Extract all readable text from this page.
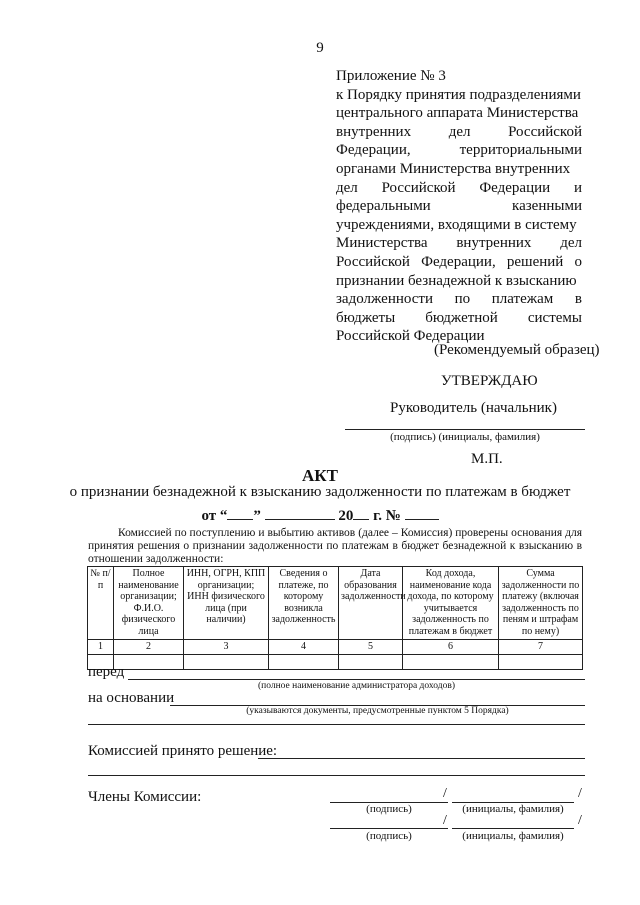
9
Приложение № 3
к Порядку принятия подразделениями
центрального аппарата Министерства
внутренних дел Российской
Федерации, территориальными
органами Министерства внутренних
дел Российской Федерации и
федеральными казенными
учреждениями, входящими в систему
Министерства внутренних дел
Российской Федерации, решений о
признании безнадежной к взысканию
задолженности по платежам в
бюджеты бюджетной системы
Российской Федерации
(Рекомендуемый образец)
УТВЕРЖДАЮ
Руководитель (начальник)
(подпись) (инициалы, фамилия)
М.П.
АКТ
о признании безнадежной к взысканию задолженности по платежам в бюджет
от “ ”	20 г. №
Комиссией по поступлению и выбытию активов (далее – Комиссия) проверены основания для принятия решения о признании задолженности по платежам в бюджет безнадежной к взысканию в отношении задолженности:
№ п/п	Полное наименование организации; Ф.И.О. физического лица	ИНН, ОГРН, КПП организации; ИНН физического лица (при наличии)	Сведения о платеже, по которому возникла задолженность	Дата образования задолженности	Код дохода, наименование кода дохода, по которому учитывается задолженность по платежам в бюджет	Сумма задолженности по платежу (включая задолженность по пеням и штрафам по нему)
1	2	3	4	5	6	7

перед
(полное наименование администратора доходов)
на основании
(указываются документы, предусмотренные пунктом 5 Порядка)
Комиссией принято решение:
Члены Комиссии:	/	/
(подпись)	(инициалы, фамилия)
/	/
(подпись)	(инициалы, фамилия)
